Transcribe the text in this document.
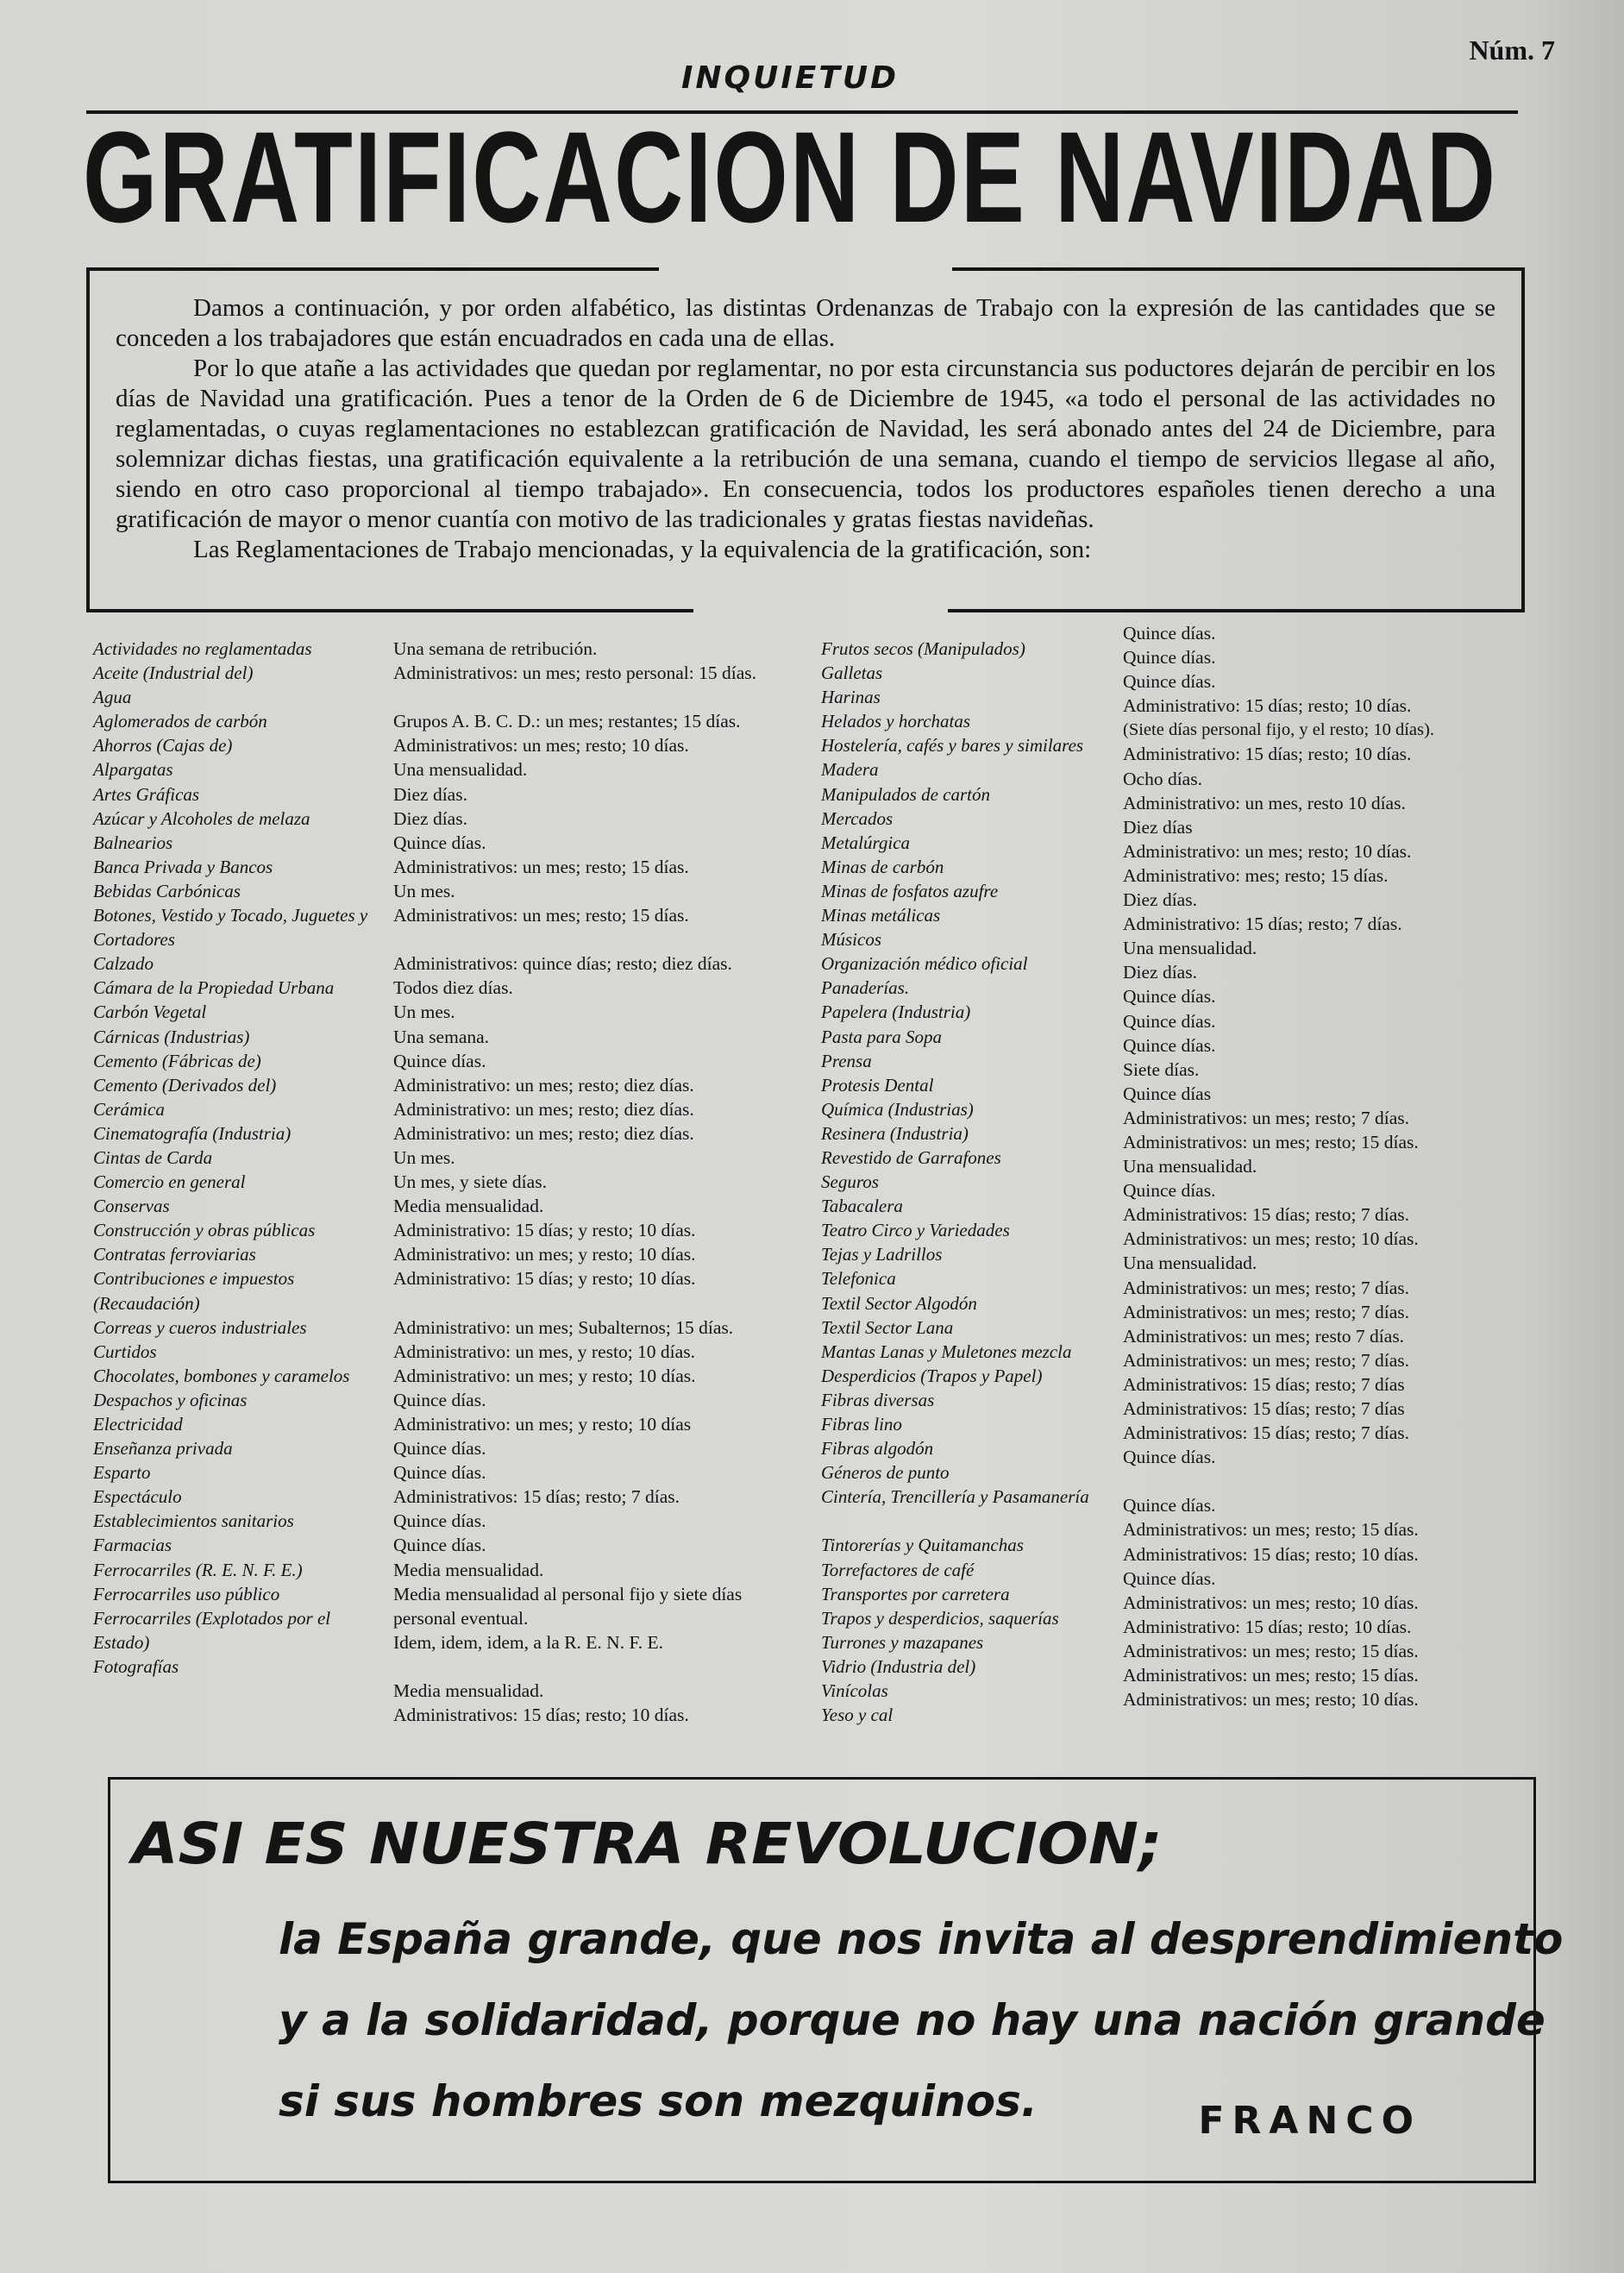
INQUIETUD
Núm. 7
GRATIFICACION DE NAVIDAD

Damos a continuación, y por orden alfabético, las distintas Ordenanzas de Trabajo con la expresión de las cantidades que se conceden a los trabajadores que están encuadrados en cada una de ellas.

Por lo que atañe a las actividades que quedan por reglamentar, no por esta circunstancia sus poductores dejarán de percibir en los días de Navidad una gratificación. Pues a tenor de la Orden de 6 de Diciembre de 1945, «a todo el personal de las actividades no reglamentadas, o cuyas reglamentaciones no establezcan gratificación de Navidad, les será abonado antes del 24 de Diciembre, para solemnizar dichas fiestas, una gratificación equivalente a la retribución de una semana, cuando el tiempo de servicios llegase al año, siendo en otro caso proporcional al tiempo trabajado». En consecuencia, todos los productores españoles tienen derecho a una gratificación de mayor o menor cuantía con motivo de las tradicionales y gratas fiestas navideñas.

Las Reglamentaciones de Trabajo mencionadas, y la equivalencia de la gratificación, son:

Actividades no reglamentadas
Aceite (Industrial del)
Agua
Aglomerados de carbón
Ahorros (Cajas de)
Alpargatas
Artes Gráficas
Azúcar y Alcoholes de melaza
Balnearios
Banca Privada y Bancos
Bebidas Carbónicas
Botones, Vestido y Tocado, Juguetes y Cortadores
Calzado
Cámara de la Propiedad Urbana
Carbón Vegetal
Cárnicas (Industrias)
Cemento (Fábricas de)
Cemento (Derivados del)
Cerámica
Cinematografía (Industria)
Cintas de Carda
Comercio en general
Conservas
Construcción y obras públicas
Contratas ferroviarias
Contribuciones e impuestos (Recaudación)
Correas y cueros industriales
Curtidos
Chocolates, bombones y caramelos
Despachos y oficinas
Electricidad
Enseñanza privada
Esparto
Espectáculo
Establecimientos sanitarios
Farmacias
Ferrocarriles (R. E. N. F. E.)
Ferrocarriles uso público
Ferrocarriles (Explotados por el Estado)
Fotografías
Una semana de retribución.
Administrativos: un mes; resto personal: 15 días.
Grupos A. B. C. D.: un mes; restantes; 15 días.
Administrativos: un mes; resto; 10 días.
Una mensualidad.
Diez días.
Diez días.
Quince días.
Administrativos: un mes; resto; 15 días.
Un mes.
Administrativos: un mes; resto; 15 días.
Administrativos: quince días; resto; diez días.
Todos diez días.
Un mes.
Una semana.
Quince días.
Administrativo: un mes; resto; diez días.
Administrativo: un mes; resto; diez días.
Administrativo: un mes; resto; diez días.
Un mes.
Un mes, y siete días.
Media mensualidad.
Administrativo: 15 días; y resto; 10 días.
Administrativo: un mes; y resto; 10 días.
Administrativo: 15 días; y resto; 10 días.
Administrativo: un mes; Subalternos; 15 días.
Administrativo: un mes, y resto; 10 días.
Administrativo: un mes; y resto; 10 días.
Quince días.
Administrativo: un mes; y resto; 10 días
Quince días.
Quince días.
Administrativos: 15 días; resto; 7 días.
Quince días.
Quince días.
Media mensualidad.
Media mensualidad al personal fijo y siete días personal eventual.
Idem, idem, idem, a la R. E. N. F. E.
Media mensualidad.
Administrativos: 15 días; resto; 10 días.
Frutos secos (Manipulados)
Galletas
Harinas
Helados y horchatas
Hostelería, cafés y bares y similares
Madera
Manipulados de cartón
Mercados
Metalúrgica
Minas de carbón
Minas de fosfatos azufre
Minas metálicas
Músicos
Organización médico oficial
Panaderías.
Papelera (Industria)
Pasta para Sopa
Prensa
Protesis Dental
Química (Industrias)
Resinera (Industria)
Revestido de Garrafones
Seguros
Tabacalera
Teatro Circo y Variedades
Tejas y Ladrillos
Telefonica
Textil Sector Algodón
Textil Sector Lana
Mantas Lanas y Muletones mezcla
Desperdicios (Trapos y Papel)
Fibras diversas
Fibras lino
Fibras algodón
Géneros de punto
Cintería, Trencillería y Pasamanería
Tintorerías y Quitamanchas
Torrefactores de café
Transportes por carretera
Trapos y desperdicios, saquerías
Turrones y mazapanes
Vidrio (Industria del)
Vinícolas
Yeso y cal
Quince días.
Quince días.
Quince días.
Administrativo: 15 días; resto; 10 días.
(Siete días personal fijo, y el resto; 10 días).
Administrativo: 15 días; resto; 10 días.
Ocho días.
Administrativo: un mes, resto 10 días.
Diez días
Administrativo: un mes; resto; 10 días.
Administrativo: mes; resto; 15 días.
Diez días.
Administrativo: 15 días; resto; 7 días.
Una mensualidad.
Diez días.
Quince días.
Quince días.
Quince días.
Siete días.
Quince días
Administrativos: un mes; resto; 7 días.
Administrativos: un mes; resto; 15 días.
Una mensualidad.
Quince días.
Administrativos: 15 días; resto; 7 días.
Administrativos: un mes; resto; 10 días.
Una mensualidad.
Administrativos: un mes; resto; 7 días.
Administrativos: un mes; resto; 7 días.
Administrativos: un mes; resto 7 días.
Administrativos: un mes; resto; 7 días.
Administrativos: 15 días; resto; 7 días
Administrativos: 15 días; resto; 7 días
Administrativos: 15 días; resto; 7 días.
Quince días.
Quince días.
Administrativos: un mes; resto; 15 días.
Administrativos: 15 días; resto; 10 días.
Quince días.
Administrativos: un mes; resto; 10 días.
Administrativo: 15 días; resto; 10 días.
Administrativos: un mes; resto; 15 días.
Administrativos: un mes; resto; 15 días.
Administrativos: un mes; resto; 10 días.
ASI ES NUESTRA REVOLUCION;
la España grande, que nos invita al desprendimiento
y a la solidaridad, porque no hay una nación grande
si sus hombres son mezquinos.	FRANCO
